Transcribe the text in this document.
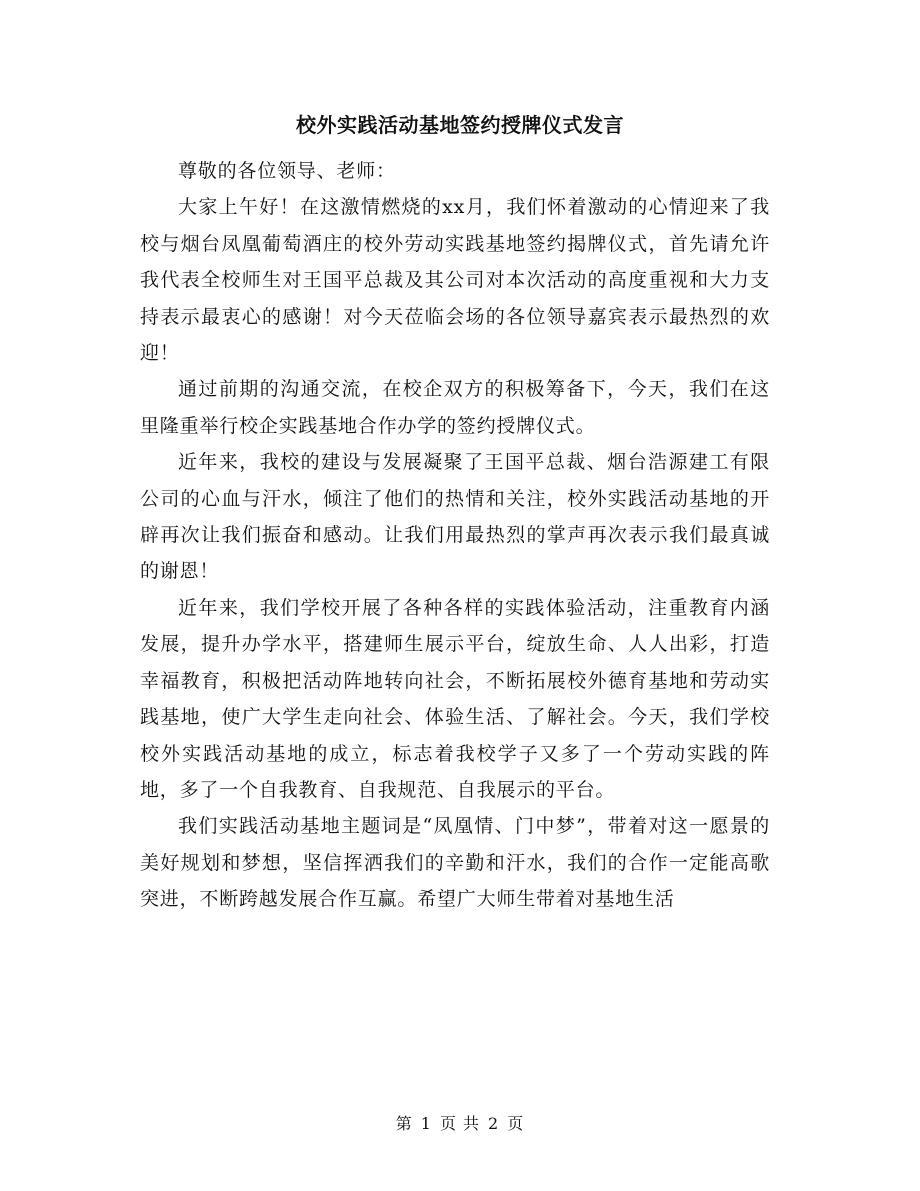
校外实践活动基地签约授牌仪式发言

尊敬的各位领导、老师：

大家上午好！在这激情燃烧的xx月，我们怀着激动的心情迎来了我校与烟台凤凰葡萄酒庄的校外劳动实践基地签约揭牌仪式，首先请允许我代表全校师生对王国平总裁及其公司对本次活动的高度重视和大力支持表示最衷心的感谢！对今天莅临会场的各位领导嘉宾表示最热烈的欢迎！

通过前期的沟通交流，在校企双方的积极筹备下，今天，我们在这里隆重举行校企实践基地合作办学的签约授牌仪式。

近年来，我校的建设与发展凝聚了王国平总裁、烟台浩源建工有限公司的心血与汗水，倾注了他们的热情和关注，校外实践活动基地的开辟再次让我们振奋和感动。让我们用最热烈的掌声再次表示我们最真诚的谢恩！

近年来，我们学校开展了各种各样的实践体验活动，注重教育内涵发展，提升办学水平，搭建师生展示平台，绽放生命、人人出彩，打造幸福教育，积极把活动阵地转向社会，不断拓展校外德育基地和劳动实践基地，使广大学生走向社会、体验生活、了解社会。今天，我们学校校外实践活动基地的成立，标志着我校学子又多了一个劳动实践的阵地，多了一个自我教育、自我规范、自我展示的平台。

我们实践活动基地主题词是“凤凰情、门中梦”，带着对这一愿景的美好规划和梦想，坚信挥洒我们的辛勤和汗水，我们的合作一定能高歌突进，不断跨越发展合作互赢。希望广大师生带着对基地生活

第 1 页 共 2 页
